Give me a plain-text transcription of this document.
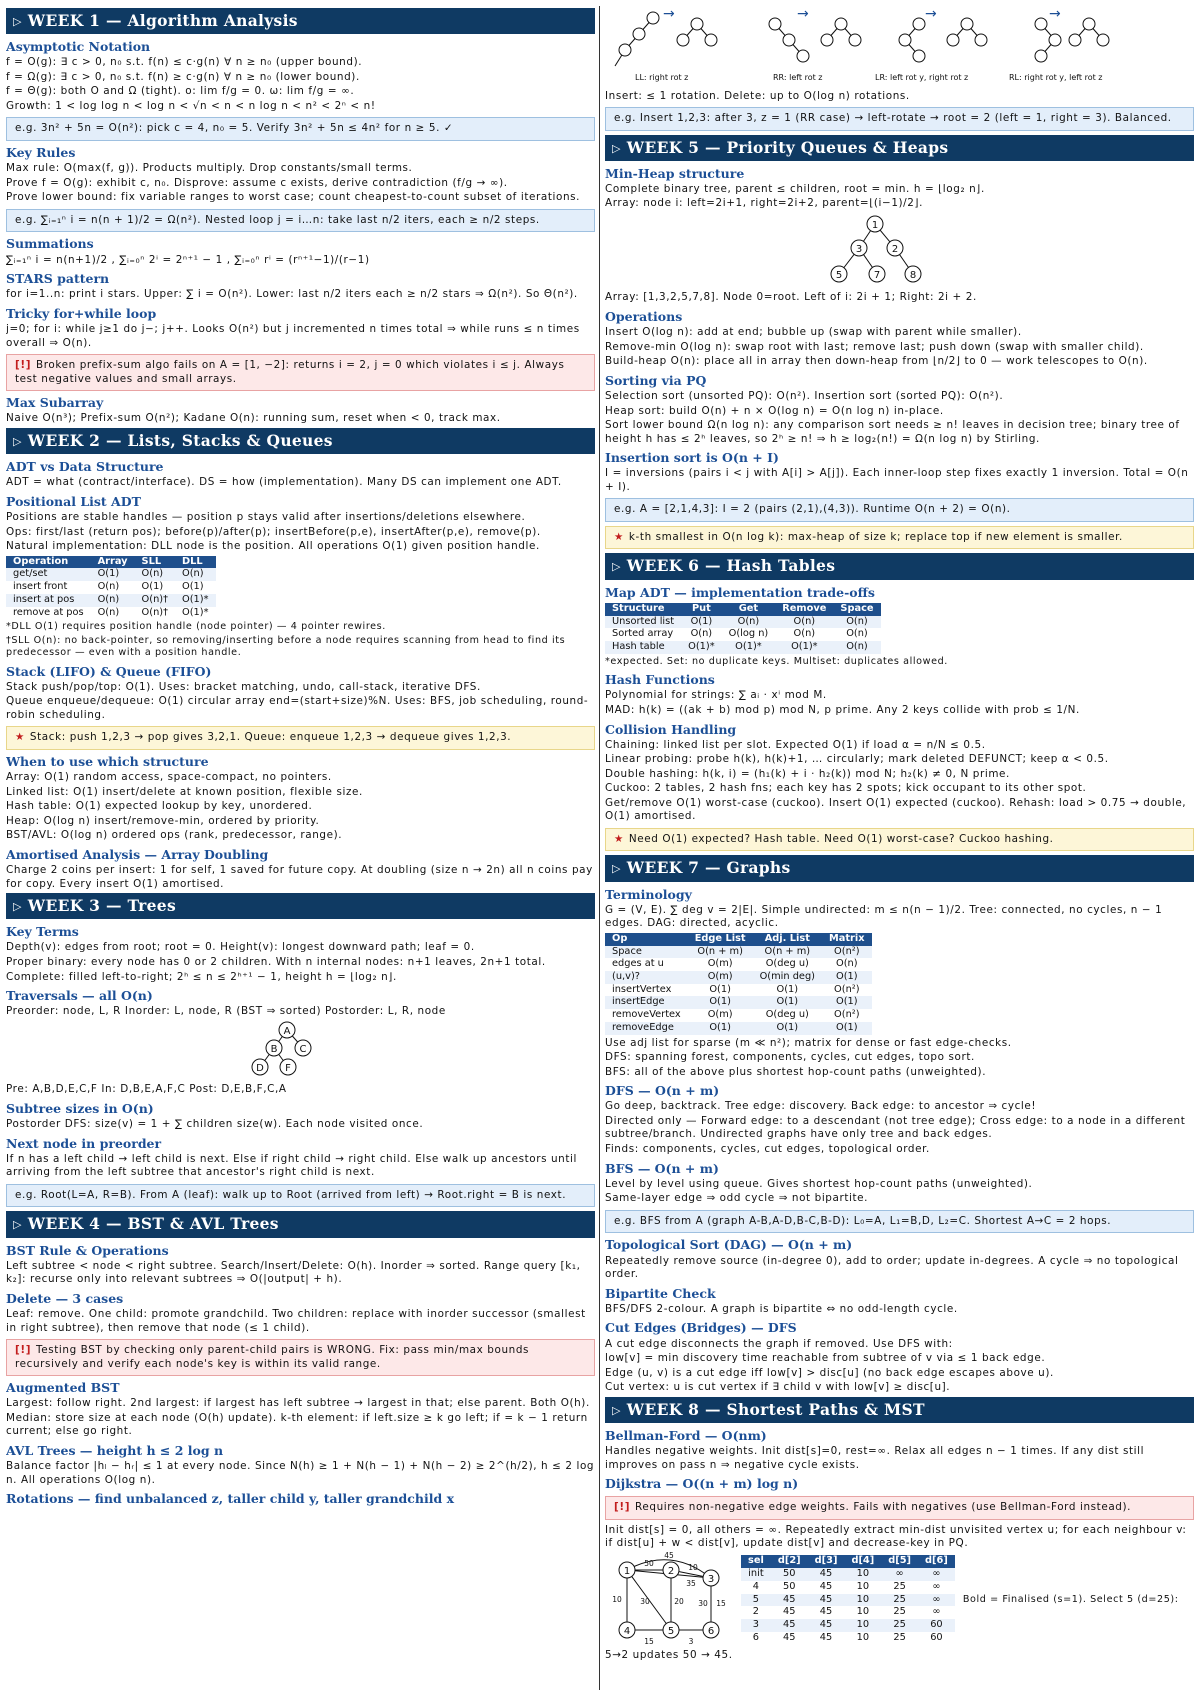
▷ WEEK 1 — Algorithm Analysis
Asymptotic Notation
f = O(g): ∃ c > 0, n₀ s.t. f(n) ≤ c·g(n) ∀ n ≥ n₀ (upper bound).
f = Ω(g): ∃ c > 0, n₀ s.t. f(n) ≥ c·g(n) ∀ n ≥ n₀ (lower bound).
f = Θ(g): both O and Ω (tight). o: lim f/g = 0. ω: lim f/g = ∞.
Growth: 1 < log log n < log n < √n < n < n log n < n² < 2ⁿ < n!
e.g. 3n² + 5n = O(n²): pick c = 4, n₀ = 5. Verify 3n² + 5n ≤ 4n² for n ≥ 5. ✓
Key Rules
Max rule: O(max(f, g)). Products multiply. Drop constants/small terms.
Prove f = O(g): exhibit c, n₀. Disprove: assume c exists, derive contradiction (f/g → ∞).
Prove lower bound: fix variable ranges to worst case; count cheapest-to-count subset of iterations.
e.g. ∑ᵢ₌₁ⁿ i = n(n + 1)/2 = Ω(n²). Nested loop j = i…n: take last n/2 iters, each ≥ n/2 steps.
Summations
∑ᵢ₌₁ⁿ i = n(n+1)/2 , ∑ᵢ₌₀ⁿ 2ⁱ = 2ⁿ⁺¹ − 1 , ∑ᵢ₌₀ⁿ rⁱ = (rⁿ⁺¹−1)/(r−1)
STARS pattern
for i=1..n: print i stars. Upper: ∑ i = O(n²). Lower: last n/2 iters each ≥ n/2 stars ⇒ Ω(n²). So Θ(n²).
Tricky for+while loop
j=0; for i: while j≥1 do j−; j++. Looks O(n²) but j incremented n times total ⇒ while runs ≤ n times overall ⇒ O(n).
[!] Broken prefix-sum algo fails on A = [1, −2]: returns i = 2, j = 0 which violates i ≤ j. Always test negative values and small arrays.
Max Subarray
Naive O(n³); Prefix-sum O(n²); Kadane O(n): running sum, reset when < 0, track max.
▷ WEEK 2 — Lists, Stacks & Queues
ADT vs Data Structure
ADT = what (contract/interface). DS = how (implementation). Many DS can implement one ADT.
Positional List ADT
Positions are stable handles — position p stays valid after insertions/deletions elsewhere.
Ops: first/last (return pos); before(p)/after(p); insertBefore(p,e), insertAfter(p,e), remove(p).
Natural implementation: DLL node is the position. All operations O(1) given position handle.
Operation	Array	SLL	DLL
get/set	O(1)	O(n)	O(n)
insert front	O(n)	O(1)	O(1)
insert at pos	O(n)	O(n)†	O(1)*
remove at pos	O(n)	O(n)†	O(1)*
*DLL O(1) requires position handle (node pointer) — 4 pointer rewires.
†SLL O(n): no back-pointer, so removing/inserting before a node requires scanning from head to find its predecessor — even with a position handle.
Stack (LIFO) & Queue (FIFO)
Stack push/pop/top: O(1). Uses: bracket matching, undo, call-stack, iterative DFS.
Queue enqueue/dequeue: O(1) circular array end=(start+size)%N. Uses: BFS, job scheduling, round-robin scheduling.
★ Stack: push 1,2,3 → pop gives 3,2,1. Queue: enqueue 1,2,3 → dequeue gives 1,2,3.
When to use which structure
Array: O(1) random access, space-compact, no pointers.
Linked list: O(1) insert/delete at known position, flexible size.
Hash table: O(1) expected lookup by key, unordered.
Heap: O(log n) insert/remove-min, ordered by priority.
BST/AVL: O(log n) ordered ops (rank, predecessor, range).
Amortised Analysis — Array Doubling
Charge 2 coins per insert: 1 for self, 1 saved for future copy. At doubling (size n → 2n) all n coins pay for copy. Every insert O(1) amortised.
▷ WEEK 3 — Trees
Key Terms
Depth(v): edges from root; root = 0. Height(v): longest downward path; leaf = 0.
Proper binary: every node has 0 or 2 children. With n internal nodes: n+1 leaves, 2n+1 total.
Complete: filled left-to-right; 2ʰ ≤ n ≤ 2ʰ⁺¹ − 1, height h = ⌊log₂ n⌋.
Traversals — all O(n)
Preorder: node, L, R Inorder: L, node, R (BST ⇒ sorted) Postorder: L, R, node
A
B C
D F
Pre: A,B,D,E,C,F In: D,B,E,A,F,C Post: D,E,B,F,C,A
Subtree sizes in O(n)
Postorder DFS: size(v) = 1 + ∑ children size(w). Each node visited once.
Next node in preorder
If n has a left child → left child is next. Else if right child → right child. Else walk up ancestors until arriving from the left subtree that ancestor's right child is next.
e.g. Root(L=A, R=B). From A (leaf): walk up to Root (arrived from left) → Root.right = B is next.
▷ WEEK 4 — BST & AVL Trees
BST Rule & Operations
Left subtree < node < right subtree. Search/Insert/Delete: O(h). Inorder ⇒ sorted. Range query [k₁, k₂]: recurse only into relevant subtrees ⇒ O(|output| + h).
Delete — 3 cases
Leaf: remove. One child: promote grandchild. Two children: replace with inorder successor (smallest in right subtree), then remove that node (≤ 1 child).
[!] Testing BST by checking only parent-child pairs is WRONG. Fix: pass min/max bounds recursively and verify each node's key is within its valid range.
Augmented BST
Largest: follow right. 2nd largest: if largest has left subtree → largest in that; else parent. Both O(h).
Median: store size at each node (O(h) update). k-th element: if left.size ≥ k go left; if = k − 1 return current; else go right.
AVL Trees — height h ≤ 2 log n
Balance factor |hₗ − hᵣ| ≤ 1 at every node. Since N(h) ≥ 1 + N(h − 1) + N(h − 2) ≥ 2^(h/2), h ≤ 2 log n. All operations O(log n).
Rotations — find unbalanced z, taller child y, taller grandchild x
→	→	→	→
LL: right rot z	RR: left rot z	LR: left rot y, right rot z	RL: right rot y, left rot z
Insert: ≤ 1 rotation. Delete: up to O(log n) rotations.
e.g. Insert 1,2,3: after 3, z = 1 (RR case) → left-rotate → root = 2 (left = 1, right = 3). Balanced.
▷ WEEK 5 — Priority Queues & Heaps
Min-Heap structure
Complete binary tree, parent ≤ children, root = min. h = ⌊log₂ n⌋.
Array: node i: left=2i+1, right=2i+2, parent=⌊(i−1)/2⌋.
1
3	2
5	7	8
Array: [1,3,2,5,7,8]. Node 0=root. Left of i: 2i + 1; Right: 2i + 2.
Operations
Insert O(log n): add at end; bubble up (swap with parent while smaller).
Remove-min O(log n): swap root with last; remove last; push down (swap with smaller child).
Build-heap O(n): place all in array then down-heap from ⌊n/2⌋ to 0 — work telescopes to O(n).
Sorting via PQ
Selection sort (unsorted PQ): O(n²). Insertion sort (sorted PQ): O(n²).
Heap sort: build O(n) + n × O(log n) = O(n log n) in-place.
Sort lower bound Ω(n log n): any comparison sort needs ≥ n! leaves in decision tree; binary tree of height h has ≤ 2ʰ leaves, so 2ʰ ≥ n! ⇒ h ≥ log₂(n!) = Ω(n log n) by Stirling.
Insertion sort is O(n + I)
I = inversions (pairs i < j with A[i] > A[j]). Each inner-loop step fixes exactly 1 inversion. Total = O(n + I).
e.g. A = [2,1,4,3]: I = 2 (pairs (2,1),(4,3)). Runtime O(n + 2) = O(n).
★ k-th smallest in O(n log k): max-heap of size k; replace top if new element is smaller.
▷ WEEK 6 — Hash Tables
Map ADT — implementation trade-offs
Structure	Put	Get	Remove	Space
Unsorted list	O(1)	O(n)	O(n)	O(n)
Sorted array	O(n)	O(log n)	O(n)	O(n)
Hash table	O(1)*	O(1)*	O(1)*	O(n)
*expected. Set: no duplicate keys. Multiset: duplicates allowed.
Hash Functions
Polynomial for strings: ∑ aᵢ · xⁱ mod M.
MAD: h(k) = ((ak + b) mod p) mod N, p prime. Any 2 keys collide with prob ≤ 1/N.
Collision Handling
Chaining: linked list per slot. Expected O(1) if load α = n/N ≤ 0.5.
Linear probing: probe h(k), h(k)+1, … circularly; mark deleted DEFUNCT; keep α < 0.5.
Double hashing: h(k, i) = (h₁(k) + i · h₂(k)) mod N; h₂(k) ≠ 0, N prime.
Cuckoo: 2 tables, 2 hash fns; each key has 2 spots; kick occupant to its other spot.
Get/remove O(1) worst-case (cuckoo). Insert O(1) expected (cuckoo). Rehash: load > 0.75 → double, O(1) amortised.
★ Need O(1) expected? Hash table. Need O(1) worst-case? Cuckoo hashing.
▷ WEEK 7 — Graphs
Terminology
G = (V, E). ∑ deg v = 2|E|. Simple undirected: m ≤ n(n − 1)/2. Tree: connected, no cycles, n − 1 edges. DAG: directed, acyclic.
Op	Edge List	Adj. List	Matrix
Space	O(n + m)	O(n + m)	O(n²)
edges at u	O(m)	O(deg u)	O(n)
(u,v)?	O(m)	O(min deg)	O(1)
insertVertex	O(1)	O(1)	O(n²)
insertEdge	O(1)	O(1)	O(1)
removeVertex	O(m)	O(deg u)	O(n²)
removeEdge	O(1)	O(1)	O(1)
Use adj list for sparse (m ≪ n²); matrix for dense or fast edge-checks.
DFS: spanning forest, components, cycles, cut edges, topo sort.
BFS: all of the above plus shortest hop-count paths (unweighted).
DFS — O(n + m)
Go deep, backtrack. Tree edge: discovery. Back edge: to ancestor ⇒ cycle!
Directed only — Forward edge: to a descendant (not tree edge); Cross edge: to a node in a different subtree/branch. Undirected graphs have only tree and back edges.
Finds: components, cycles, cut edges, topological order.
BFS — O(n + m)
Level by level using queue. Gives shortest hop-count paths (unweighted).
Same-layer edge ⇒ odd cycle ⇒ not bipartite.
e.g. BFS from A (graph A-B,A-D,B-C,B-D): L₀=A, L₁=B,D, L₂=C. Shortest A→C = 2 hops.
Topological Sort (DAG) — O(n + m)
Repeatedly remove source (in-degree 0), add to order; update in-degrees. A cycle ⇒ no topological order.
Bipartite Check
BFS/DFS 2-colour. A graph is bipartite ⇔ no odd-length cycle.
Cut Edges (Bridges) — DFS
A cut edge disconnects the graph if removed. Use DFS with:
low[v] = min discovery time reachable from subtree of v via ≤ 1 back edge.
Edge (u, v) is a cut edge iff low[v] > disc[u] (no back edge escapes above u).
Cut vertex: u is cut vertex if ∃ child v with low[v] ≥ disc[u].
▷ WEEK 8 — Shortest Paths & MST
Bellman-Ford — O(nm)
Handles negative weights. Init dist[s]=0, rest=∞. Relax all edges n − 1 times. If any dist still improves on pass n ⇒ negative cycle exists.
Dijkstra — O((n + m) log n)
[!] Requires non-negative edge weights. Fails with negatives (use Bellman-Ford instead).
Init dist[s] = 0, all others = ∞. Repeatedly extract min-dist unvisited vertex u; for each neighbour v: if dist[u] + w < dist[v], update dist[v] and decrease-key in PQ.
1	2
3
4	5	6
45
50	10
15
35
10 30	20	15
3
30
sel	d[2]	d[3]	d[4]	d[5]	d[6]
init	50	45	10	∞	∞
4	50	45	10	25	∞
5	45	45	10	25	∞
2	45	45	10	25	∞
3	45	45	10	25	60
6	45	45	10	25	60
Bold = Finalised (s=1). Select 5 (d=25):
5→2 updates 50 → 45.
